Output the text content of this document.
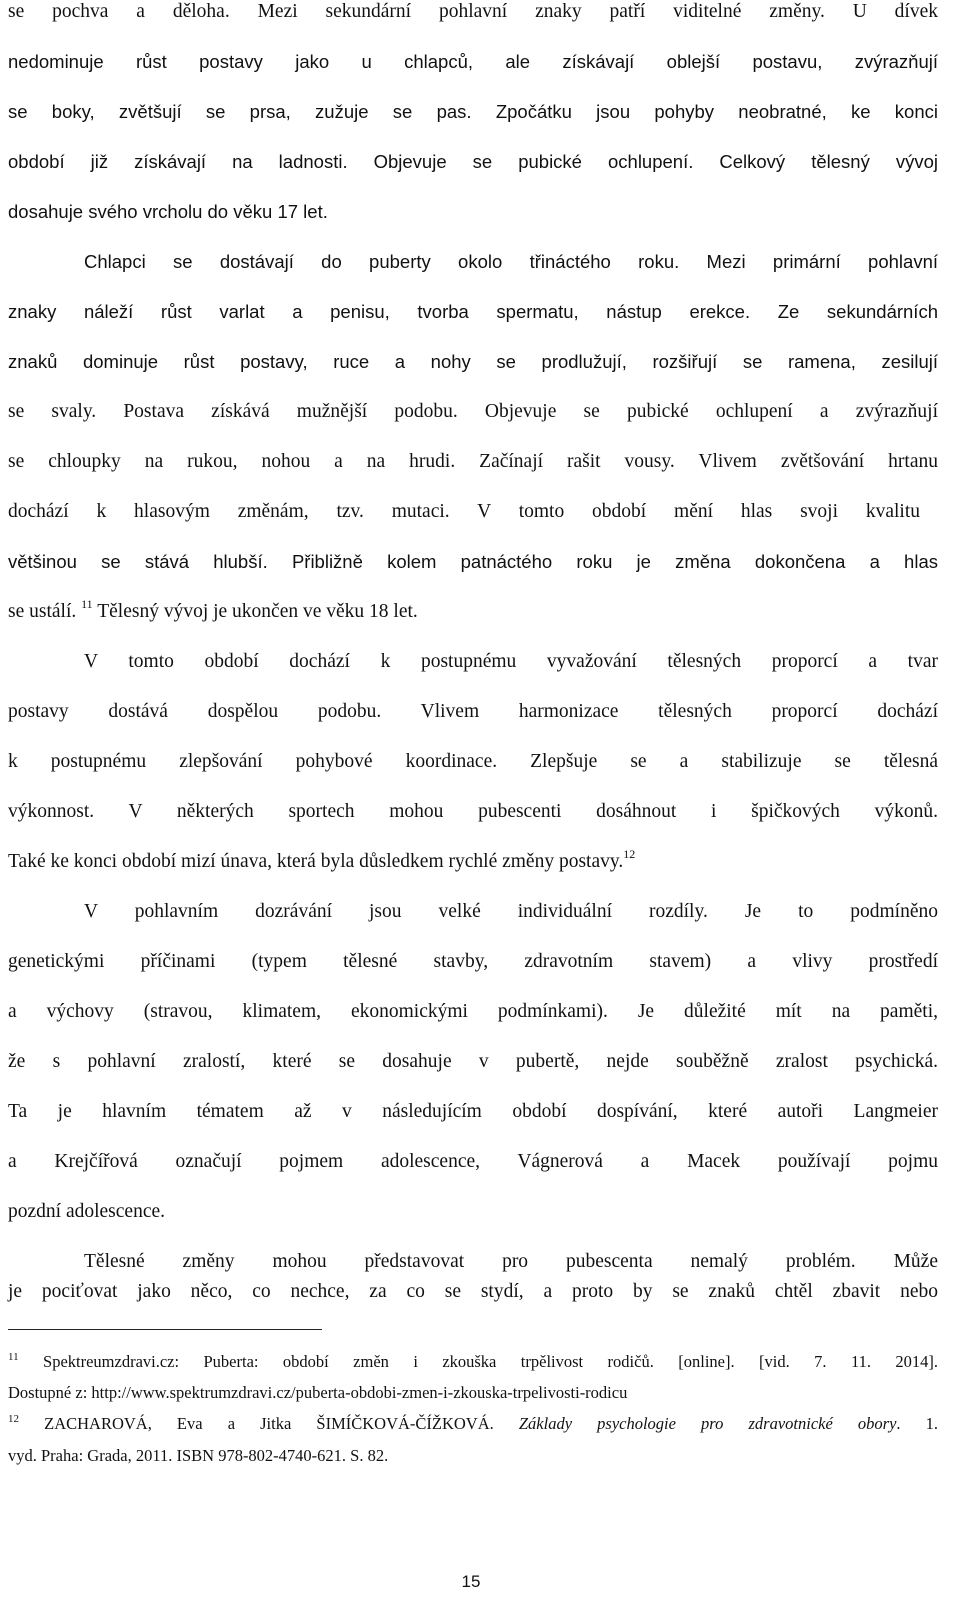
se pochva a děloha. Mezi sekundární pohlavní znaky patří viditelné změny. U dívek
nedominuje růst postavy jako u chlapců, ale získávají oblejší postavu, zvýrazňují
se boky, zvětšují se prsa, zužuje se pas. Zpočátku jsou pohyby neobratné, ke konci
období již získávají na ladnosti. Objevuje se pubické ochlupení. Celkový tělesný vývoj
dosahuje svého vrcholu do věku 17 let.
Chlapci se dostávají do puberty okolo třináctého roku. Mezi primární pohlavní
znaky náleží růst varlat a penisu, tvorba spermatu, nástup erekce. Ze sekundárních
znaků dominuje růst postavy, ruce a nohy se prodlužují, rozšiřují se ramena, zesilují
se svaly. Postava získává mužnější podobu. Objevuje se pubické ochlupení a zvýrazňují
se chloupky na rukou, nohou a na hrudi. Začínají rašit vousy. Vlivem zvětšování hrtanu
dochází k hlasovým změnám, tzv. mutaci. V tomto období mění hlas svoji kvalitu
většinou se stává hlubší. Přibližně kolem patnáctého roku je změna dokončena a hlas
se ustálí. $^{11}$ Tělesný vývoj je ukončen ve věku 18 let.
V tomto období dochází k postupnému vyvažování tělesných proporcí a tvar
postavy dostává dospělou podobu. Vlivem harmonizace tělesných proporcí dochází
k postupnému zlepšování pohybové koordinace. Zlepšuje se a stabilizuje se tělesná
výkonnost. V některých sportech mohou pubescenti dosáhnout i špičkových výkonů.
Také ke konci období mizí únava, která byla důsledkem rychlé změny postavy.$^{12}$
V pohlavním dozrávání jsou velké individuální rozdíly. Je to podmíněno
genetickými příčinami (typem tělesné stavby, zdravotním stavem) a vlivy prostředí
a výchovy (stravou, klimatem, ekonomickými podmínkami). Je důležité mít na paměti,
že s pohlavní zralostí, které se dosahuje v pubertě, nejde souběžně zralost psychická.
Ta je hlavním tématem až v následujícím období dospívání, které autoři Langmeier
a Krejčířová označují pojmem adolescence, Vágnerová a Macek používají pojmu
pozdní adolescence.
Tělesné změny mohou představovat pro pubescenta nemalý problém. Může
je pociťovat jako něco, co nechce, za co se stydí, a proto by se znaků chtěl zbavit nebo
$^{11}$ Spektreumzdravi.cz: Puberta: období změn i zkouška trpělivost rodičů. [online]. [vid. 7. 11. 2014].
Dostupné z: http://www.spektrumzdravi.cz/puberta-obdobi-zmen-i-zkouska-trpelivosti-rodicu
$^{12}$ ZACHAROVÁ, Eva a Jitka ŠIMÍČKOVÁ-ČÍŽKOVÁ. Základy psychologie pro zdravotnické obory. 1.
vyd. Praha: Grada, 2011. ISBN 978-802-4740-621. S. 82.
15
